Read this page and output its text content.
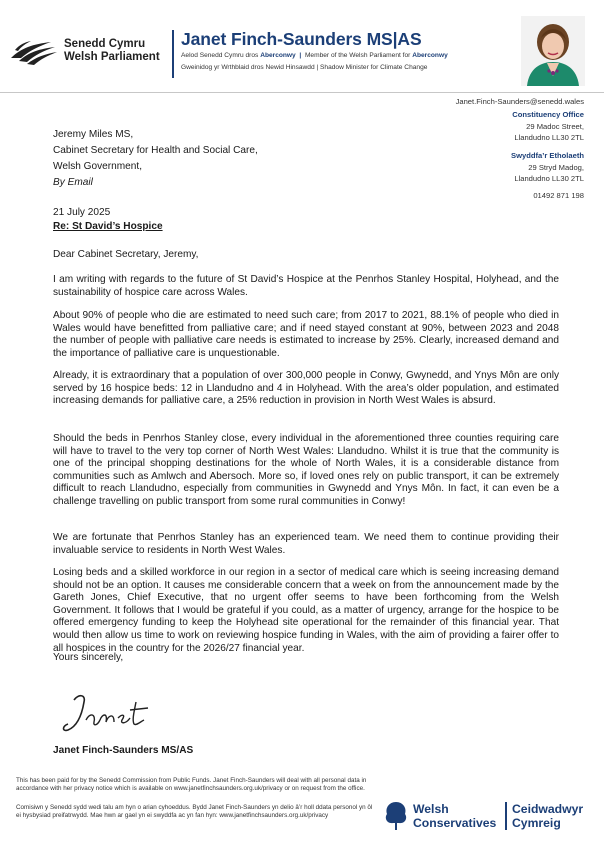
Senedd Cymru
Welsh Parliament
Janet Finch-Saunders MS|AS
Aelod Senedd Cymru dros Aberconwy | Member of the Welsh Parliament for Aberconwy
Gweinidog yr Wrthblaid dros Newid Hinsawdd | Shadow Minister for Climate Change
Janet.Finch-Saunders@senedd.wales
Constituency Office
29 Madoc Street,
Llandudno LL30 2TL
Swyddfa’r Etholaeth
29 Stryd Madog,
Llandudno LL30 2TL
01492 871 198
Jeremy Miles MS,
Cabinet Secretary for Health and Social Care,
Welsh Government,
By Email
21 July 2025
Re: St David’s Hospice
Dear Cabinet Secretary, Jeremy,
I am writing with regards to the future of St David’s Hospice at the Penrhos Stanley Hospital, Holyhead, and the sustainability of hospice care across Wales.
About 90% of people who die are estimated to need such care; from 2017 to 2021, 88.1% of people who died in Wales would have benefitted from palliative care; and if need stayed constant at 90%, between 2023 and 2048 the number of people with palliative care needs is estimated to increase by 25%. Clearly, increased demand and the importance of palliative care is unquestionable.
Already, it is extraordinary that a population of over 300,000 people in Conwy, Gwynedd, and Ynys Môn are only served by 16 hospice beds: 12 in Llandudno and 4 in Holyhead. With the area’s older population, and estimated increasing demands for palliative care, a 25% reduction in provision in North West Wales is absurd.
Should the beds in Penrhos Stanley close, every individual in the aforementioned three counties requiring care will have to travel to the very top corner of North West Wales: Llandudno. Whilst it is true that the community is one of the principal shopping destinations for the whole of North Wales, it is a considerable distance from communities such as Amlwch and Abersoch. More so, if loved ones rely on public transport, it can be extremely difficult to reach Llandudno, especially from communities in Gwynedd and Ynys Môn. In fact, it can even be a challenge travelling on public transport from some rural communities in Conwy!
We are fortunate that Penrhos Stanley has an experienced team. We need them to continue providing their invaluable service to residents in North West Wales.
Losing beds and a skilled workforce in our region in a sector of medical care which is seeing increasing demand should not be an option. It causes me considerable concern that a week on from the announcement made by the Gareth Jones, Chief Executive, that no urgent offer seems to have been forthcoming from the Welsh Government. It follows that I would be grateful if you could, as a matter of urgency, arrange for the hospice to be offered emergency funding to keep the Holyhead site operational for the remainder of this financial year. That would then allow us time to work on reviewing hospice funding in Wales, with the aim of providing a fairer offer to all hospices in the country for the 2026/27 financial year.
Yours sincerely,
Janet Finch-Saunders MS/AS
This has been paid for by the Senedd Commission from Public Funds. Janet Finch-Saunders will deal with all personal data in accordance with her privacy notice which is available on www.janetfinchsaunders.org.uk/privacy or on request from the office.
Comisiwn y Senedd sydd wedi talu am hyn o arian cyhoeddus. Bydd Janet Finch-Saunders yn delio â’r holl ddata personol yn ôl ei hysbysiad preifatrwydd. Mae hwn ar gael yn ei swyddfa ac yn fan hyn: www.janetfinchsaunders.org.uk/privacy	Welsh
Conservatives
Ceidwadwyr
Cymreig
